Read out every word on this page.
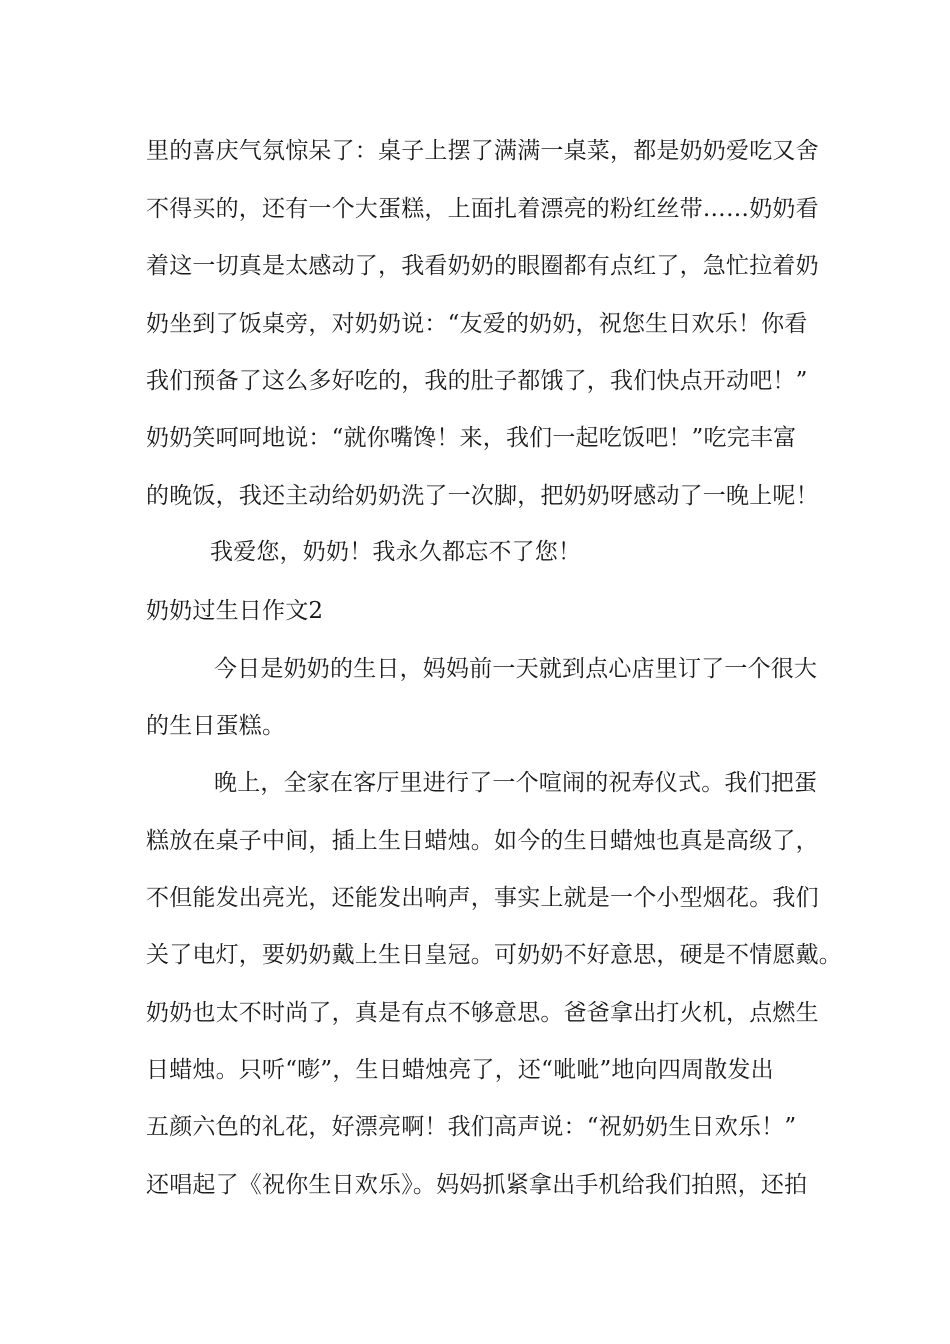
里的喜庆气氛惊呆了：桌子上摆了满满一桌菜，都是奶奶爱吃又舍
不得买的，还有一个大蛋糕，上面扎着漂亮的粉红丝带……奶奶看
着这一切真是太感动了，我看奶奶的眼圈都有点红了，急忙拉着奶
奶坐到了饭桌旁，对奶奶说：“友爱的奶奶，祝您生日欢乐！你看
我们预备了这么多好吃的，我的肚子都饿了，我们快点开动吧！”
奶奶笑呵呵地说：“就你嘴馋！来，我们一起吃饭吧！”吃完丰富
的晚饭，我还主动给奶奶洗了一次脚，把奶奶呀感动了一晚上呢！
我爱您，奶奶！我永久都忘不了您！
奶奶过生日作文2
今日是奶奶的生日，妈妈前一天就到点心店里订了一个很大
的生日蛋糕。
晚上，全家在客厅里进行了一个喧闹的祝寿仪式。我们把蛋
糕放在桌子中间，插上生日蜡烛。如今的生日蜡烛也真是高级了，
不但能发出亮光，还能发出响声，事实上就是一个小型烟花。我们
关了电灯，要奶奶戴上生日皇冠。可奶奶不好意思，硬是不情愿戴。
奶奶也太不时尚了，真是有点不够意思。爸爸拿出打火机，点燃生
日蜡烛。只听“嘭”，生日蜡烛亮了，还“呲呲”地向四周散发出
五颜六色的礼花，好漂亮啊！我们高声说：“祝奶奶生日欢乐！”
还唱起了《祝你生日欢乐》。妈妈抓紧拿出手机给我们拍照，还拍
